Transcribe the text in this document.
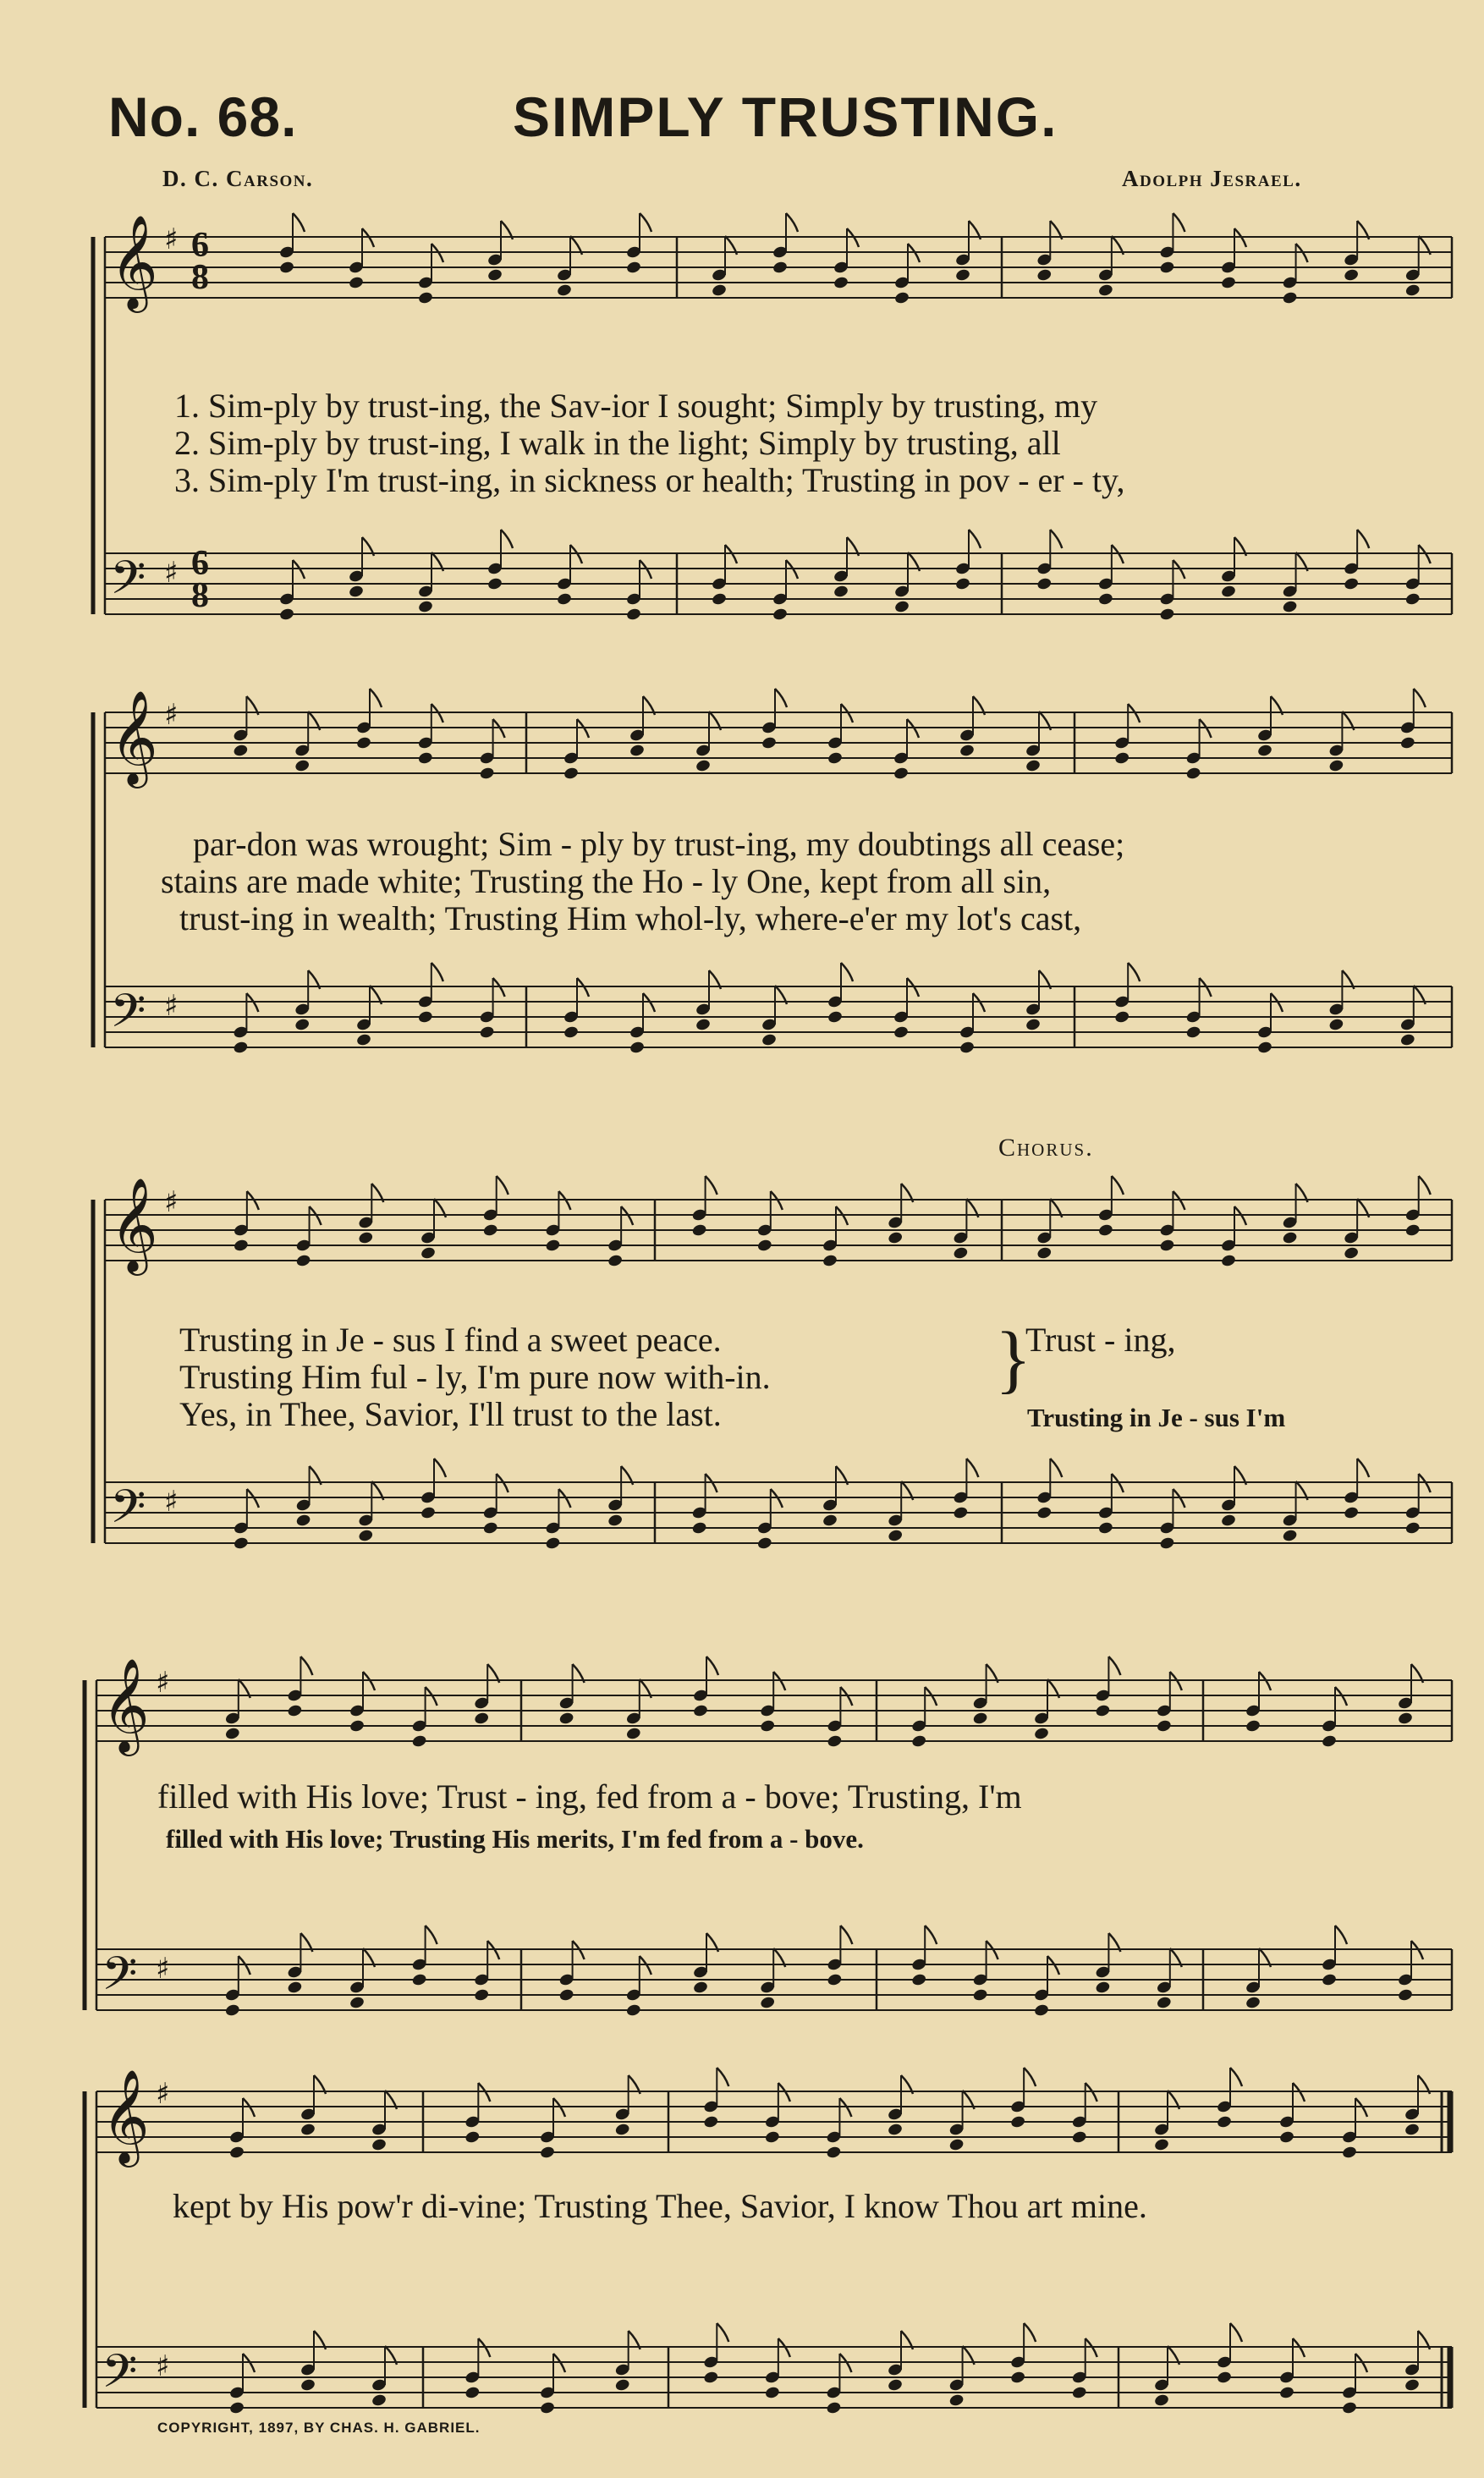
No. 68.	SIMPLY TRUSTING.
D. C. Carson.	Adolph Jesrael.
𝄞
𝄢
♯
♯
𝄞
𝄢
♯
♯
𝄞
𝄢
♯
♯
𝄞
𝄢
♯
♯
𝄞
𝄢
♯
♯
6
8
6
8
1. Sim-ply by trust-ing, the Sav-ior I sought; Simply by trusting, my
2. Sim-ply by trust-ing, I walk in the light; Simply by trusting, all
3. Sim-ply I'm trust-ing, in sickness or health; Trusting in pov - er - ty,
par-don was wrought; Sim - ply by trust-ing, my doubtings all cease;
stains are made white; Trusting the Ho - ly One, kept from all sin,
trust-ing in wealth; Trusting Him whol-ly, where-e'er my lot's cast,
Chorus.
Trusting in Je - sus I find a sweet peace.
Trusting Him ful - ly, I'm pure now with-in.
Yes, in Thee, Savior, I'll trust to the last.
}
Trust - ing,
Trusting in Je - sus I'm
filled with His love; Trust - ing, fed from a - bove; Trusting, I'm
filled with His love; Trusting His merits, I'm fed from a - bove.
kept by His pow'r di-vine; Trusting Thee, Savior, I know Thou art mine.
COPYRIGHT, 1897, BY CHAS. H. GABRIEL.
